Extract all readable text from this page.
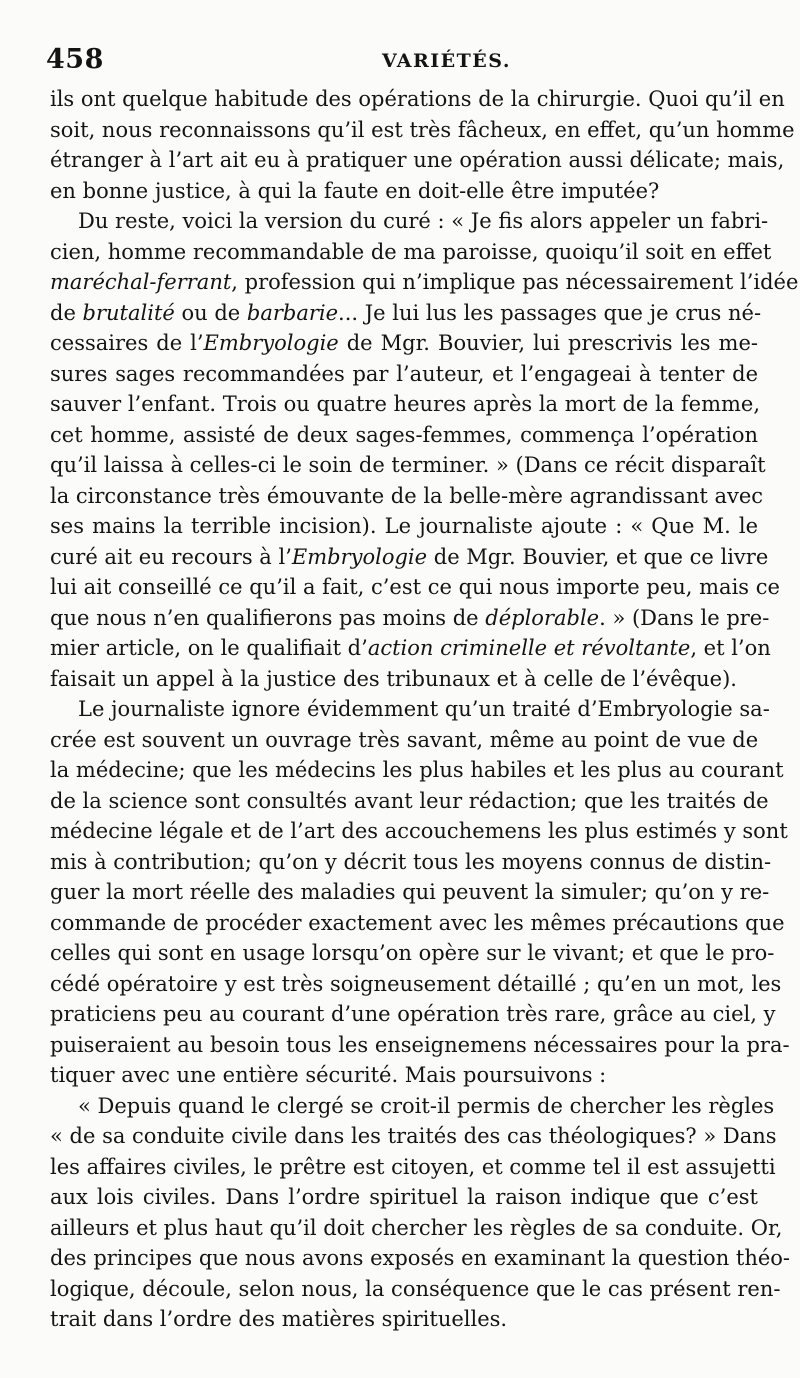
458	VARIÉTÉS.
ils ont quelque habitude des opérations de la chirurgie. Quoi qu’il en
soit, nous reconnaissons qu’il est très fâcheux, en effet, qu’un homme
étranger à l’art ait eu à pratiquer une opération aussi délicate; mais,
en bonne justice, à qui la faute en doit-elle être imputée?
Du reste, voici la version du curé : « Je fis alors appeler un fabri-
cien, homme recommandable de ma paroisse, quoiqu’il soit en effet
maréchal-ferrant, profession qui n’implique pas nécessairement l’idée
de brutalité ou de barbarie... Je lui lus les passages que je crus né-
cessaires de l’Embryologie de Mgr. Bouvier, lui prescrivis les me-
sures sages recommandées par l’auteur, et l’engageai à tenter de
sauver l’enfant. Trois ou quatre heures après la mort de la femme,
cet homme, assisté de deux sages-femmes, commença l’opération
qu’il laissa à celles-ci le soin de terminer. » (Dans ce récit disparaît
la circonstance très émouvante de la belle-mère agrandissant avec
ses mains la terrible incision). Le journaliste ajoute : « Que M. le
curé ait eu recours à l’Embryologie de Mgr. Bouvier, et que ce livre
lui ait conseillé ce qu’il a fait, c’est ce qui nous importe peu, mais ce
que nous n’en qualifierons pas moins de déplorable. » (Dans le pre-
mier article, on le qualifiait d’action criminelle et révoltante, et l’on
faisait un appel à la justice des tribunaux et à celle de l’évêque).
Le journaliste ignore évidemment qu’un traité d’Embryologie sa-
crée est souvent un ouvrage très savant, même au point de vue de
la médecine; que les médecins les plus habiles et les plus au courant
de la science sont consultés avant leur rédaction; que les traités de
médecine légale et de l’art des accouchemens les plus estimés y sont
mis à contribution; qu’on y décrit tous les moyens connus de distin-
guer la mort réelle des maladies qui peuvent la simuler; qu’on y re-
commande de procéder exactement avec les mêmes précautions que
celles qui sont en usage lorsqu’on opère sur le vivant; et que le pro-
cédé opératoire y est très soigneusement détaillé ; qu’en un mot, les
praticiens peu au courant d’une opération très rare, grâce au ciel, y
puiseraient au besoin tous les enseignemens nécessaires pour la pra-
tiquer avec une entière sécurité. Mais poursuivons :
« Depuis quand le clergé se croit-il permis de chercher les règles
« de sa conduite civile dans les traités des cas théologiques? » Dans
les affaires civiles, le prêtre est citoyen, et comme tel il est assujetti
aux lois civiles. Dans l’ordre spirituel la raison indique que c’est
ailleurs et plus haut qu’il doit chercher les règles de sa conduite. Or,
des principes que nous avons exposés en examinant la question théo-
logique, découle, selon nous, la conséquence que le cas présent ren-
trait dans l’ordre des matières spirituelles.
